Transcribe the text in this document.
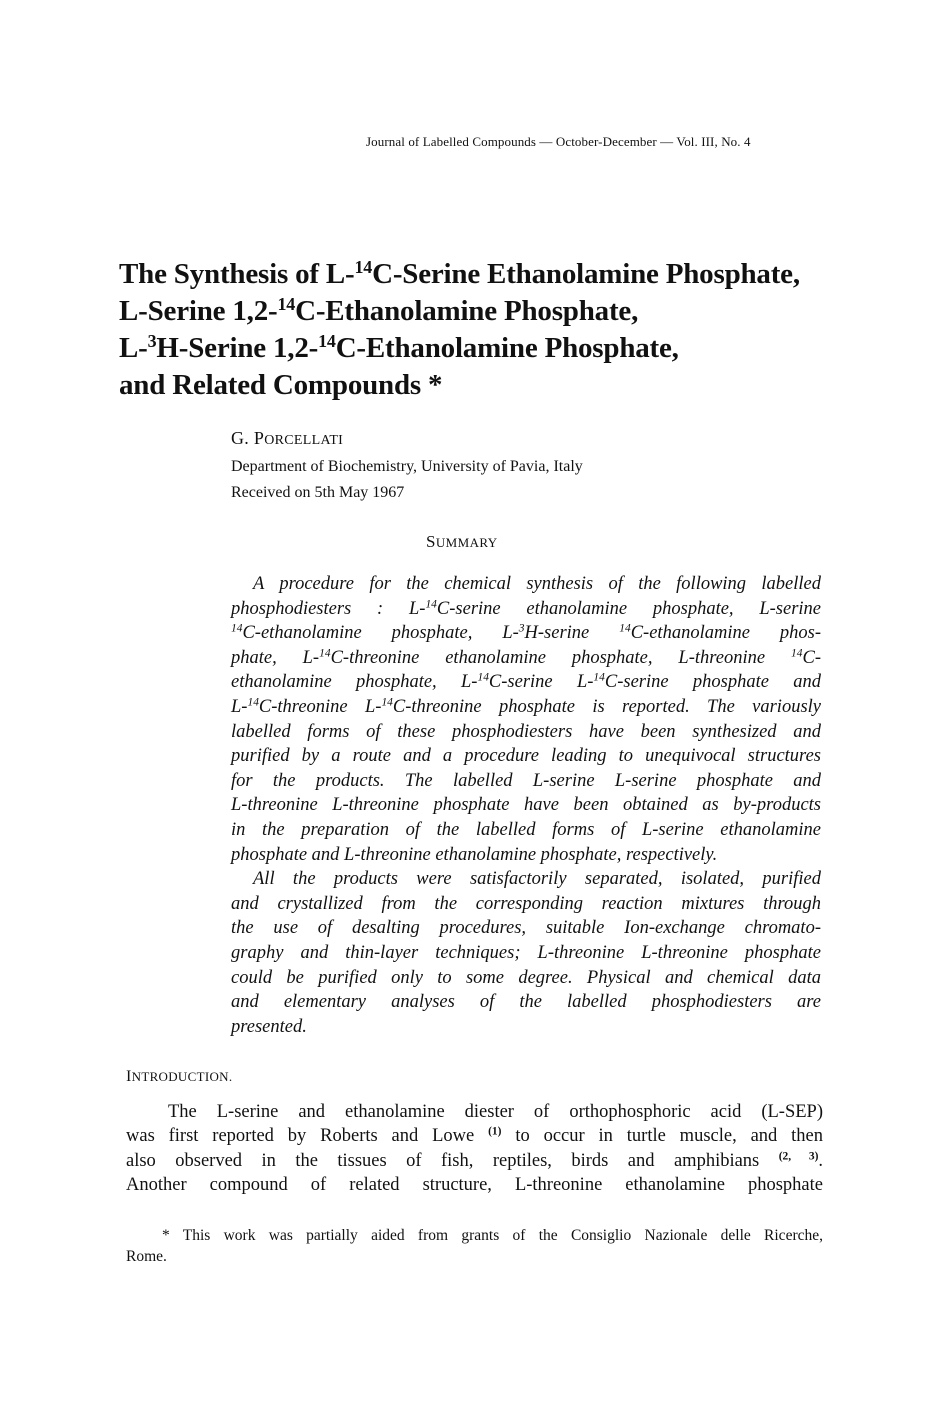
Journal of Labelled Compounds — October-December — Vol. III, No. 4
The Synthesis of L-$^{14}$C-Serine Ethanolamine Phosphate,
L-Serine 1,2-$^{14}$C-Ethanolamine Phosphate,
L-$^3$H-Serine 1,2-$^{14}$C-Ethanolamine Phosphate,
and Related Compounds *
G. PORCELLATI
Department of Biochemistry, University of Pavia, Italy
Received on 5th May 1967
SUMMARY
A procedure for the chemical synthesis of the following labelled
phosphodiesters : L-$^{14}$C-serine ethanolamine phosphate, L-serine
$^{14}$C-ethanolamine phosphate, L-$^3$H-serine $^{14}$C-ethanolamine phos-
phate, L-$^{14}$C-threonine ethanolamine phosphate, L-threonine $^{14}$C-
ethanolamine phosphate, L-$^{14}$C-serine L-$^{14}$C-serine phosphate and
L-$^{14}$C-threonine L-$^{14}$C-threonine phosphate is reported. The variously
labelled forms of these phosphodiesters have been synthesized and
purified by a route and a procedure leading to unequivocal structures
for the products. The labelled L-serine L-serine phosphate and
L-threonine L-threonine phosphate have been obtained as by-products
in the preparation of the labelled forms of L-serine ethanolamine
phosphate and L-threonine ethanolamine phosphate, respectively.
All the products were satisfactorily separated, isolated, purified
and crystallized from the corresponding reaction mixtures through
the use of desalting procedures, suitable Ion-exchange chromato-
graphy and thin-layer techniques; L-threonine L-threonine phosphate
could be purified only to some degree. Physical and chemical data
and elementary analyses of the labelled phosphodiesters are
presented.
INTRODUCTION.
The L-serine and ethanolamine diester of orthophosphoric acid (L-SEP)
was first reported by Roberts and Lowe $^{(1)}$ to occur in turtle muscle, and then
also observed in the tissues of fish, reptiles, birds and amphibians $^{(2, 3)}$.
Another compound of related structure, L-threonine ethanolamine phosphate
* This work was partially aided from grants of the Consiglio Nazionale delle Ricerche,
Rome.
